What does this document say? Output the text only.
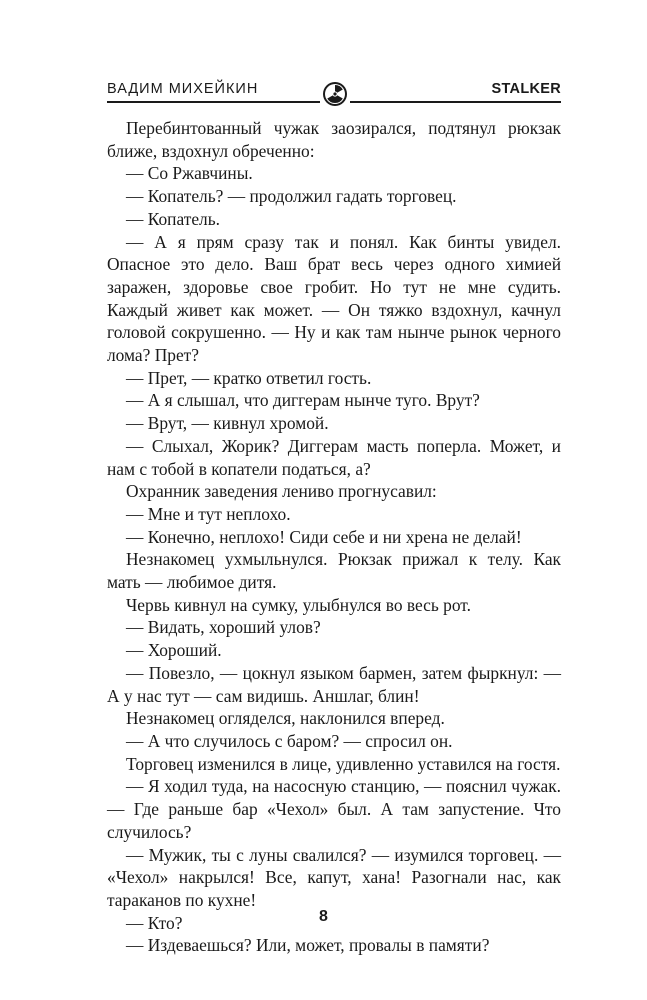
ВАДИМ МИХЕЙКИН	STALKER

Перебинтованный чужак заозирался, подтянул рюкзак ближе, вздохнул обреченно:

— Со Ржавчины.

— Копатель? — продолжил гадать торговец.

— Копатель.

— А я прям сразу так и понял. Как бинты увидел. Опасное это дело. Ваш брат весь через одного химией заражен, здоровье свое гробит. Но тут не мне судить. Каждый живет как может. — Он тяжко вздохнул, качнул головой сокрушенно. — Ну и как там нынче рынок черного лома? Прет?

— Прет, — кратко ответил гость.

— А я слышал, что диггерам нынче туго. Врут?

— Врут, — кивнул хромой.

— Слыхал, Жорик? Диггерам масть поперла. Может, и нам с тобой в копатели податься, а?

Охранник заведения лениво прогнусавил:

— Мне и тут неплохо.

— Конечно, неплохо! Сиди себе и ни хрена не делай!

Незнакомец ухмыльнулся. Рюкзак прижал к телу. Как мать — любимое дитя.

Червь кивнул на сумку, улыбнулся во весь рот.

— Видать, хороший улов?

— Хороший.

— Повезло, — цокнул языком бармен, затем фыркнул: — А у нас тут — сам видишь. Аншлаг, блин!

Незнакомец огляделся, наклонился вперед.

— А что случилось с баром? — спросил он.

Торговец изменился в лице, удивленно уставился на гостя.

— Я ходил туда, на насосную станцию, — пояснил чужак. — Где раньше бар «Чехол» был. А там запустение. Что случилось?

— Мужик, ты с луны свалился? — изумился торговец. — «Чехол» накрылся! Все, капут, хана! Разогнали нас, как тараканов по кухне!

— Кто?

— Издеваешься? Или, может, провалы в памяти?

8
